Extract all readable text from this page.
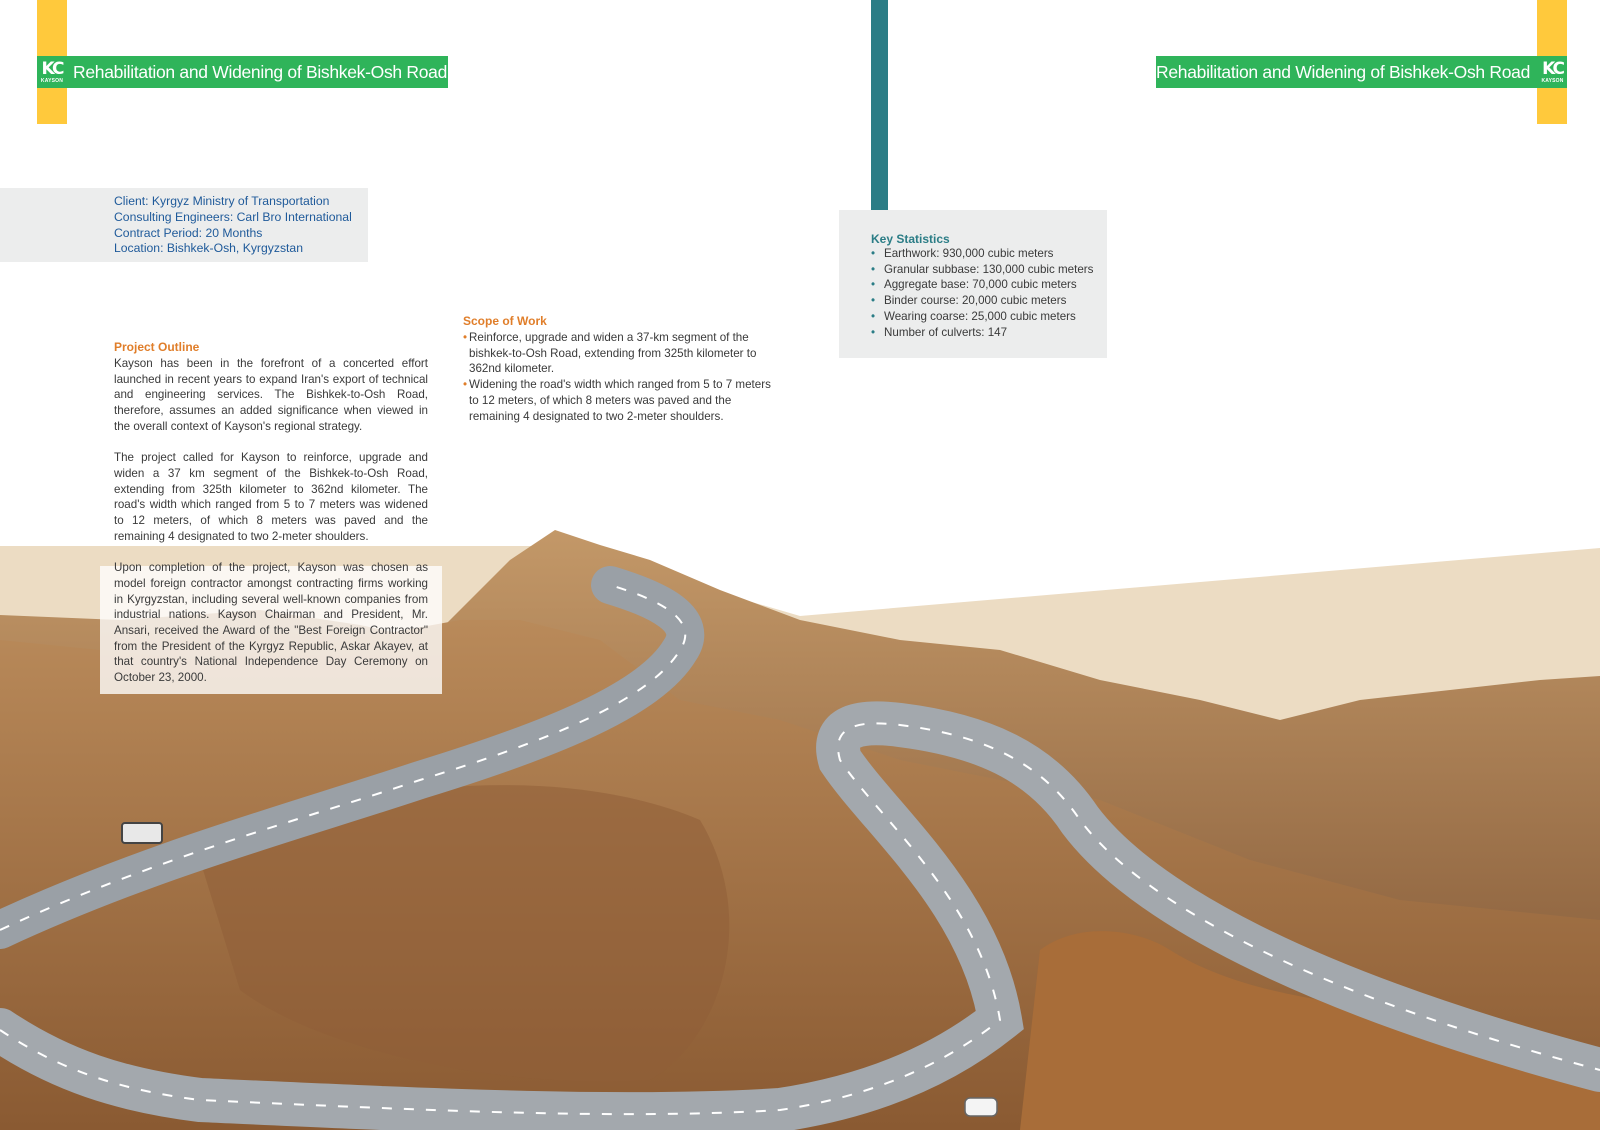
KC
KAYSON Rehabilitation and Widening of Bishkek-Osh Road	Rehabilitation and Widening of Bishkek-Osh Road KC
KAYSON
Client: Kyrgyz Ministry of Transportation
Consulting Engineers: Carl Bro International
Contract Period: 20 Months
Location: Bishkek-Osh, Kyrgyzstan
Project Outline

Kayson has been in the forefront of a concerted effort launched in recent years to expand Iran's export of technical and engineering services. The Bishkek-to-Osh Road, therefore, assumes an added significance when viewed in the overall context of Kayson's regional strategy.

The project called for Kayson to reinforce, upgrade and widen a 37 km segment of the Bishkek-to-Osh Road, extending from 325th kilometer to 362nd kilometer. The road's width which ranged from 5 to 7 meters was widened to 12 meters, of which 8 meters was paved and the remaining 4 designated to two 2-meter shoulders.

Upon completion of the project, Kayson was chosen as model foreign contractor amongst contracting firms working in Kyrgyzstan, including several well-known companies from industrial nations. Kayson Chairman and President, Mr. Ansari, received the Award of the "Best Foreign Contractor" from the President of the Kyrgyz Republic, Askar Akayev, at that country's National Independence Day Ceremony on October 23, 2000.

Scope of Work
• Reinforce, upgrade and widen a 37-km segment of the bishkek-to-Osh Road, extending from 325th kilometer to 362nd kilometer.
• Widening the road's width which ranged from 5 to 7 meters to 12 meters, of which 8 meters was paved and the remaining 4 designated to two 2-meter shoulders.
Key Statistics
• Earthwork: 930,000 cubic meters
• Granular subbase: 130,000 cubic meters
• Aggregate base: 70,000 cubic meters
• Binder course: 20,000 cubic meters
• Wearing coarse: 25,000 cubic meters
• Number of culverts: 147
